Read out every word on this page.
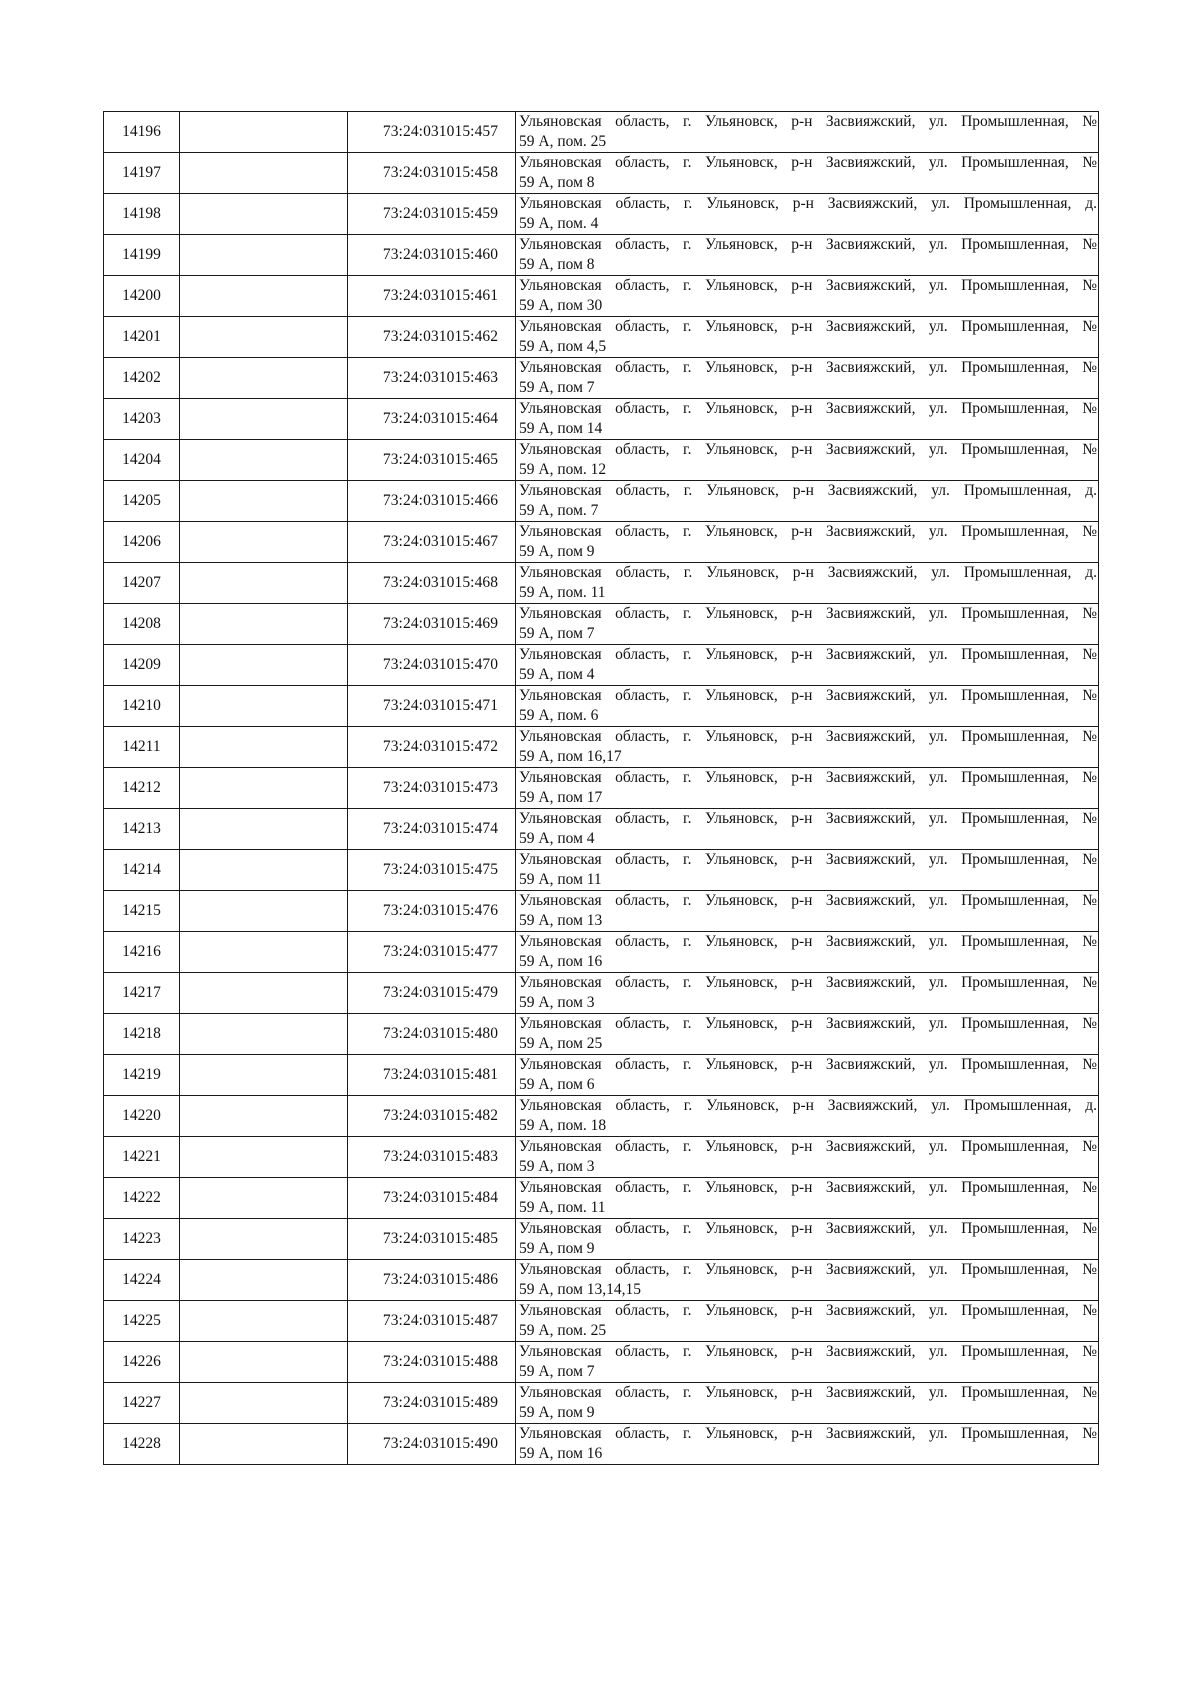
14196		73:24:031015:457	Ульяновская область, г. Ульяновск, р-н Засвияжский, ул. Промышленная, №
59 А, пом. 25

14197		73:24:031015:458	Ульяновская область, г. Ульяновск, р-н Засвияжский, ул. Промышленная, №
59 А, пом 8

14198		73:24:031015:459	Ульяновская область, г. Ульяновск, р-н Засвияжский, ул. Промышленная, д.
59 А, пом. 4

14199		73:24:031015:460	Ульяновская область, г. Ульяновск, р-н Засвияжский, ул. Промышленная, №
59 А, пом 8

14200		73:24:031015:461	Ульяновская область, г. Ульяновск, р-н Засвияжский, ул. Промышленная, №
59 А, пом 30

14201		73:24:031015:462	Ульяновская область, г. Ульяновск, р-н Засвияжский, ул. Промышленная, №
59 А, пом 4,5

14202		73:24:031015:463	Ульяновская область, г. Ульяновск, р-н Засвияжский, ул. Промышленная, №
59 А, пом 7

14203		73:24:031015:464	Ульяновская область, г. Ульяновск, р-н Засвияжский, ул. Промышленная, №
59 А, пом 14

14204		73:24:031015:465	Ульяновская область, г. Ульяновск, р-н Засвияжский, ул. Промышленная, №
59 А, пом. 12

14205		73:24:031015:466	Ульяновская область, г. Ульяновск, р-н Засвияжский, ул. Промышленная, д.
59 А, пом. 7

14206		73:24:031015:467	Ульяновская область, г. Ульяновск, р-н Засвияжский, ул. Промышленная, №
59 А, пом 9

14207		73:24:031015:468	Ульяновская область, г. Ульяновск, р-н Засвияжский, ул. Промышленная, д.
59 А, пом. 11

14208		73:24:031015:469	Ульяновская область, г. Ульяновск, р-н Засвияжский, ул. Промышленная, №
59 А, пом 7

14209		73:24:031015:470	Ульяновская область, г. Ульяновск, р-н Засвияжский, ул. Промышленная, №
59 А, пом 4

14210		73:24:031015:471	Ульяновская область, г. Ульяновск, р-н Засвияжский, ул. Промышленная, №
59 А, пом. 6

14211		73:24:031015:472	Ульяновская область, г. Ульяновск, р-н Засвияжский, ул. Промышленная, №
59 А, пом 16,17

14212		73:24:031015:473	Ульяновская область, г. Ульяновск, р-н Засвияжский, ул. Промышленная, №
59 А, пом 17

14213		73:24:031015:474	Ульяновская область, г. Ульяновск, р-н Засвияжский, ул. Промышленная, №
59 А, пом 4

14214		73:24:031015:475	Ульяновская область, г. Ульяновск, р-н Засвияжский, ул. Промышленная, №
59 А, пом 11

14215		73:24:031015:476	Ульяновская область, г. Ульяновск, р-н Засвияжский, ул. Промышленная, №
59 А, пом 13

14216		73:24:031015:477	Ульяновская область, г. Ульяновск, р-н Засвияжский, ул. Промышленная, №
59 А, пом 16

14217		73:24:031015:479	Ульяновская область, г. Ульяновск, р-н Засвияжский, ул. Промышленная, №
59 А, пом 3

14218		73:24:031015:480	Ульяновская область, г. Ульяновск, р-н Засвияжский, ул. Промышленная, №
59 А, пом 25

14219		73:24:031015:481	Ульяновская область, г. Ульяновск, р-н Засвияжский, ул. Промышленная, №
59 А, пом 6

14220		73:24:031015:482	Ульяновская область, г. Ульяновск, р-н Засвияжский, ул. Промышленная, д.
59 А, пом. 18

14221		73:24:031015:483	Ульяновская область, г. Ульяновск, р-н Засвияжский, ул. Промышленная, №
59 А, пом 3

14222		73:24:031015:484	Ульяновская область, г. Ульяновск, р-н Засвияжский, ул. Промышленная, №
59 А, пом. 11

14223		73:24:031015:485	Ульяновская область, г. Ульяновск, р-н Засвияжский, ул. Промышленная, №
59 А, пом 9

14224		73:24:031015:486	Ульяновская область, г. Ульяновск, р-н Засвияжский, ул. Промышленная, №
59 А, пом 13,14,15

14225		73:24:031015:487	Ульяновская область, г. Ульяновск, р-н Засвияжский, ул. Промышленная, №
59 А, пом. 25

14226		73:24:031015:488	Ульяновская область, г. Ульяновск, р-н Засвияжский, ул. Промышленная, №
59 А, пом 7

14227		73:24:031015:489	Ульяновская область, г. Ульяновск, р-н Засвияжский, ул. Промышленная, №
59 А, пом 9

14228		73:24:031015:490	Ульяновская область, г. Ульяновск, р-н Засвияжский, ул. Промышленная, №
59 А, пом 16
